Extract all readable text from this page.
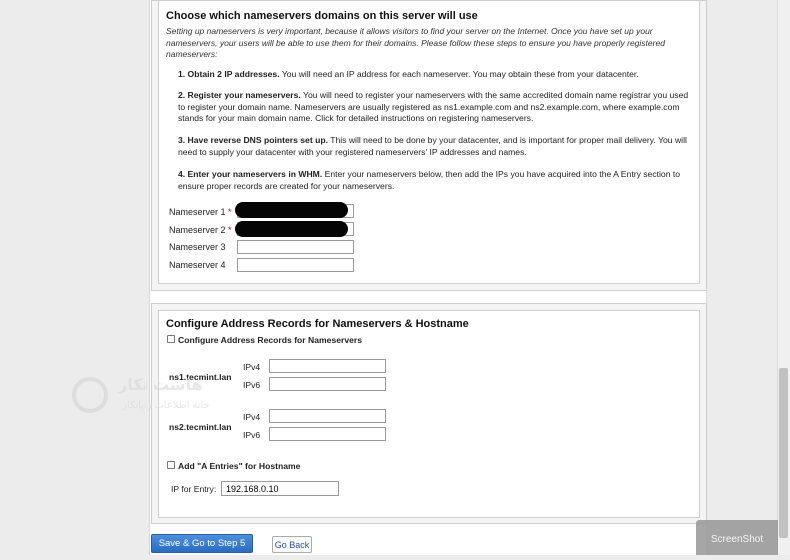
Choose which nameservers domains on this server will use
Setting up nameservers is very important, because it allows visitors to find your server on the Internet. Once you have set up your nameservers, your users will be able to use them for their domains. Please follow these steps to ensure you have properly registered nameservers:
1. Obtain 2 IP addresses. You will need an IP address for each nameserver. You may obtain these from your datacenter.
2. Register your nameservers. You will need to register your nameservers with the same accredited domain name registrar you used to register your domain name. Nameservers are usually registered as ns1.example.com and ns2.example.com, where example.com stands for your main domain name. Click for detailed instructions on registering nameservers.
3. Have reverse DNS pointers set up. This will need to be done by your datacenter, and is important for proper mail delivery. You will need to supply your datacenter with your registered nameservers' IP addresses and names.
4. Enter your nameservers in WHM. Enter your nameservers below, then add the IPs you have acquired into the A Entry section to ensure proper records are created for your nameservers.
Nameserver 1 *
Nameserver 2 *
Nameserver 3
Nameserver 4
Configure Address Records for Nameservers & Hostname
Configure Address Records for Nameservers
ns1.tecmint.lan
IPv4
IPv6
ns2.tecmint.lan
IPv4
IPv6
Add "A Entries" for Hostname
IP for Entry:
192.168.0.10
ﻫﺎﺳﺖ ﻧﮑﺎﺭ
ﺧﺎﻧﻪ ﺍﻃﻼﻋﺎﺕ ﺭﺍﯾﺎﻧﮑﺎﺭ
Save & Go to Step 5	Go Back	ScreenShot
